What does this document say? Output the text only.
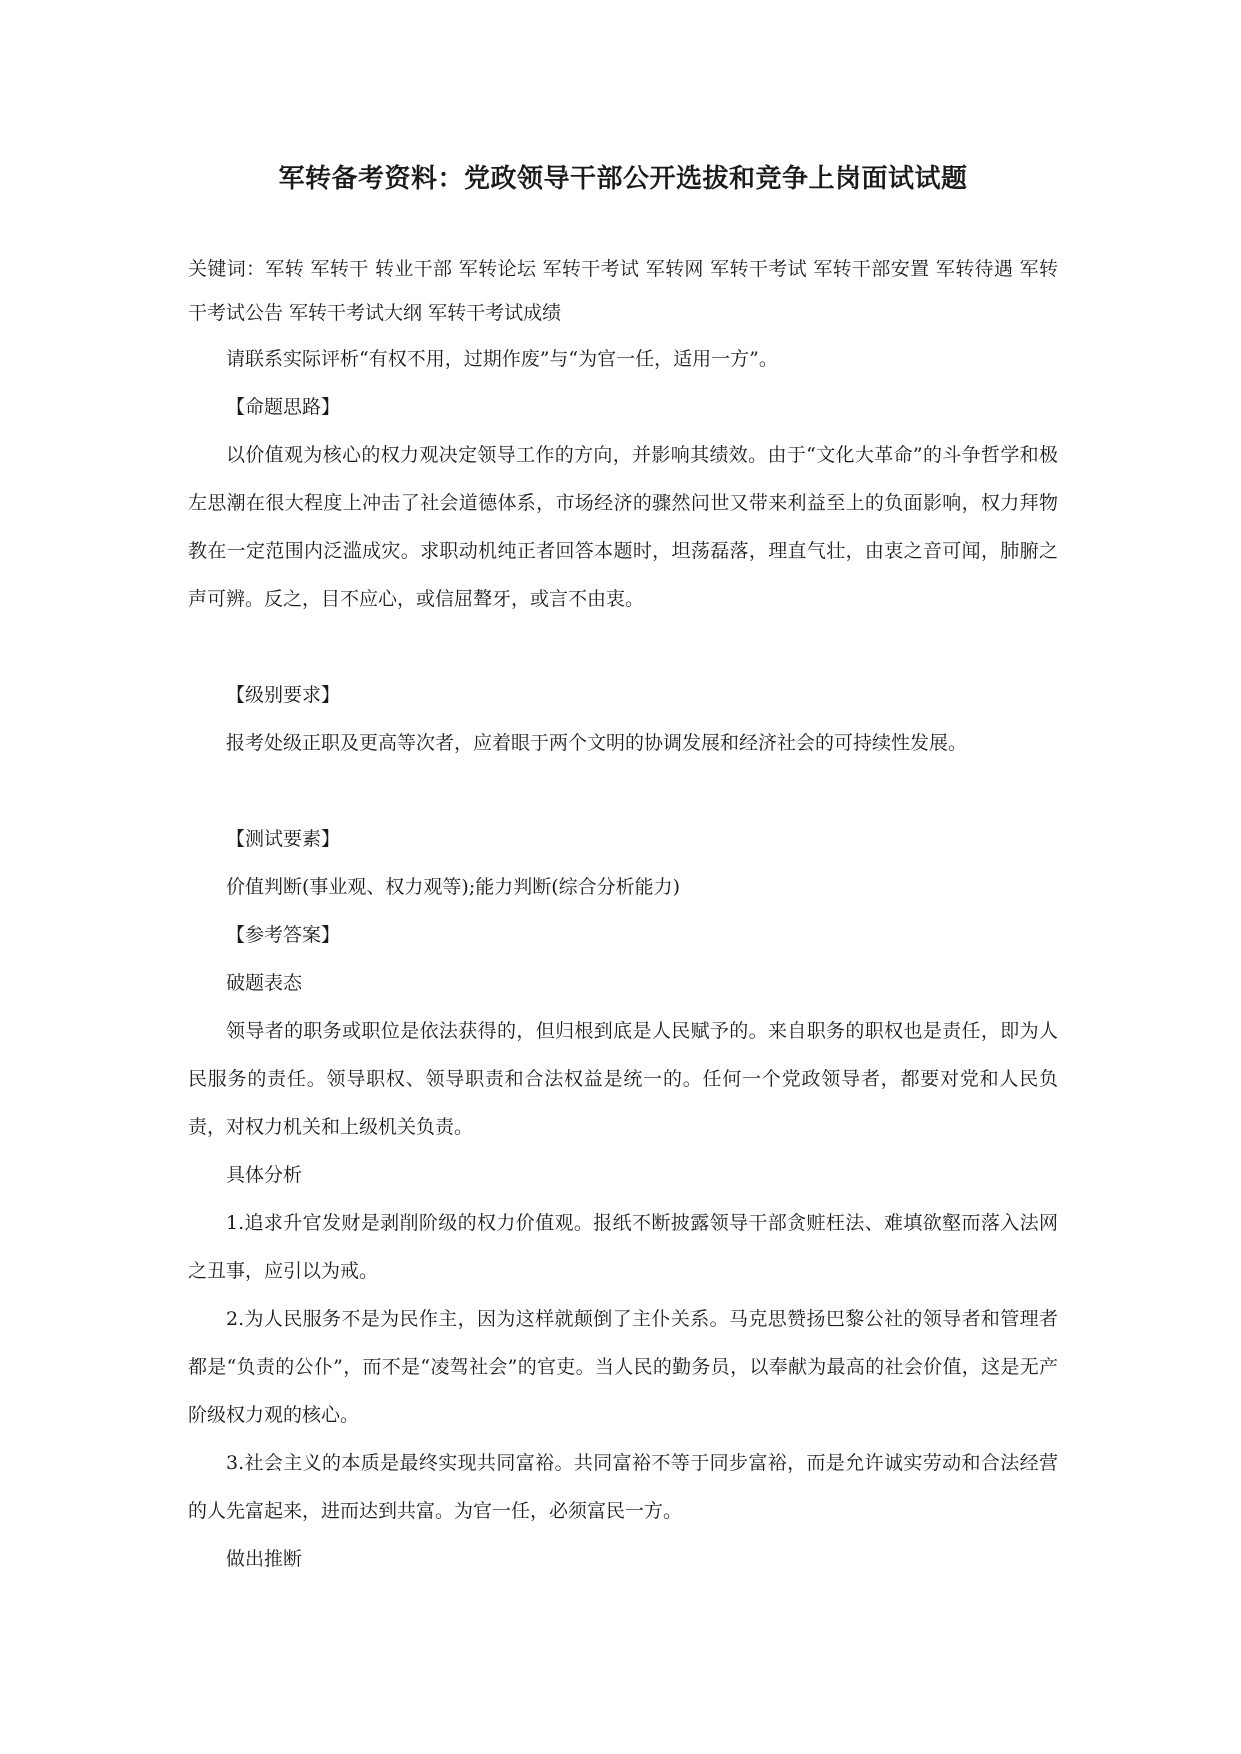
军转备考资料：党政领导干部公开选拔和竞争上岗面试试题

关键词：军转 军转干 转业干部 军转论坛 军转干考试 军转网 军转干考试 军转干部安置 军转待遇 军转干考试公告 军转干考试大纲 军转干考试成绩

请联系实际评析“有权不用，过期作废”与“为官一任，适用一方”。

【命题思路】

以价值观为核心的权力观决定领导工作的方向，并影响其绩效。由于“文化大革命”的斗争哲学和极左思潮在很大程度上冲击了社会道德体系，市场经济的骤然问世又带来利益至上的负面影响，权力拜物教在一定范围内泛滥成灾。求职动机纯正者回答本题时，坦荡磊落，理直气壮，由衷之音可闻，肺腑之声可辨。反之，目不应心，或信屈聱牙，或言不由衷。

【级别要求】

报考处级正职及更高等次者，应着眼于两个文明的协调发展和经济社会的可持续性发展。

【测试要素】

价值判断(事业观、权力观等);能力判断(综合分析能力)

【参考答案】

破题表态

领导者的职务或职位是依法获得的，但归根到底是人民赋予的。来自职务的职权也是责任，即为人民服务的责任。领导职权、领导职责和合法权益是统一的。任何一个党政领导者，都要对党和人民负责，对权力机关和上级机关负责。

具体分析

1.追求升官发财是剥削阶级的权力价值观。报纸不断披露领导干部贪赃枉法、难填欲壑而落入法网之丑事，应引以为戒。

2.为人民服务不是为民作主，因为这样就颠倒了主仆关系。马克思赞扬巴黎公社的领导者和管理者都是“负责的公仆”，而不是“凌驾社会”的官吏。当人民的勤务员，以奉献为最高的社会价值，这是无产阶级权力观的核心。

3.社会主义的本质是最终实现共同富裕。共同富裕不等于同步富裕，而是允许诚实劳动和合法经营的人先富起来，进而达到共富。为官一任，必须富民一方。

做出推断
